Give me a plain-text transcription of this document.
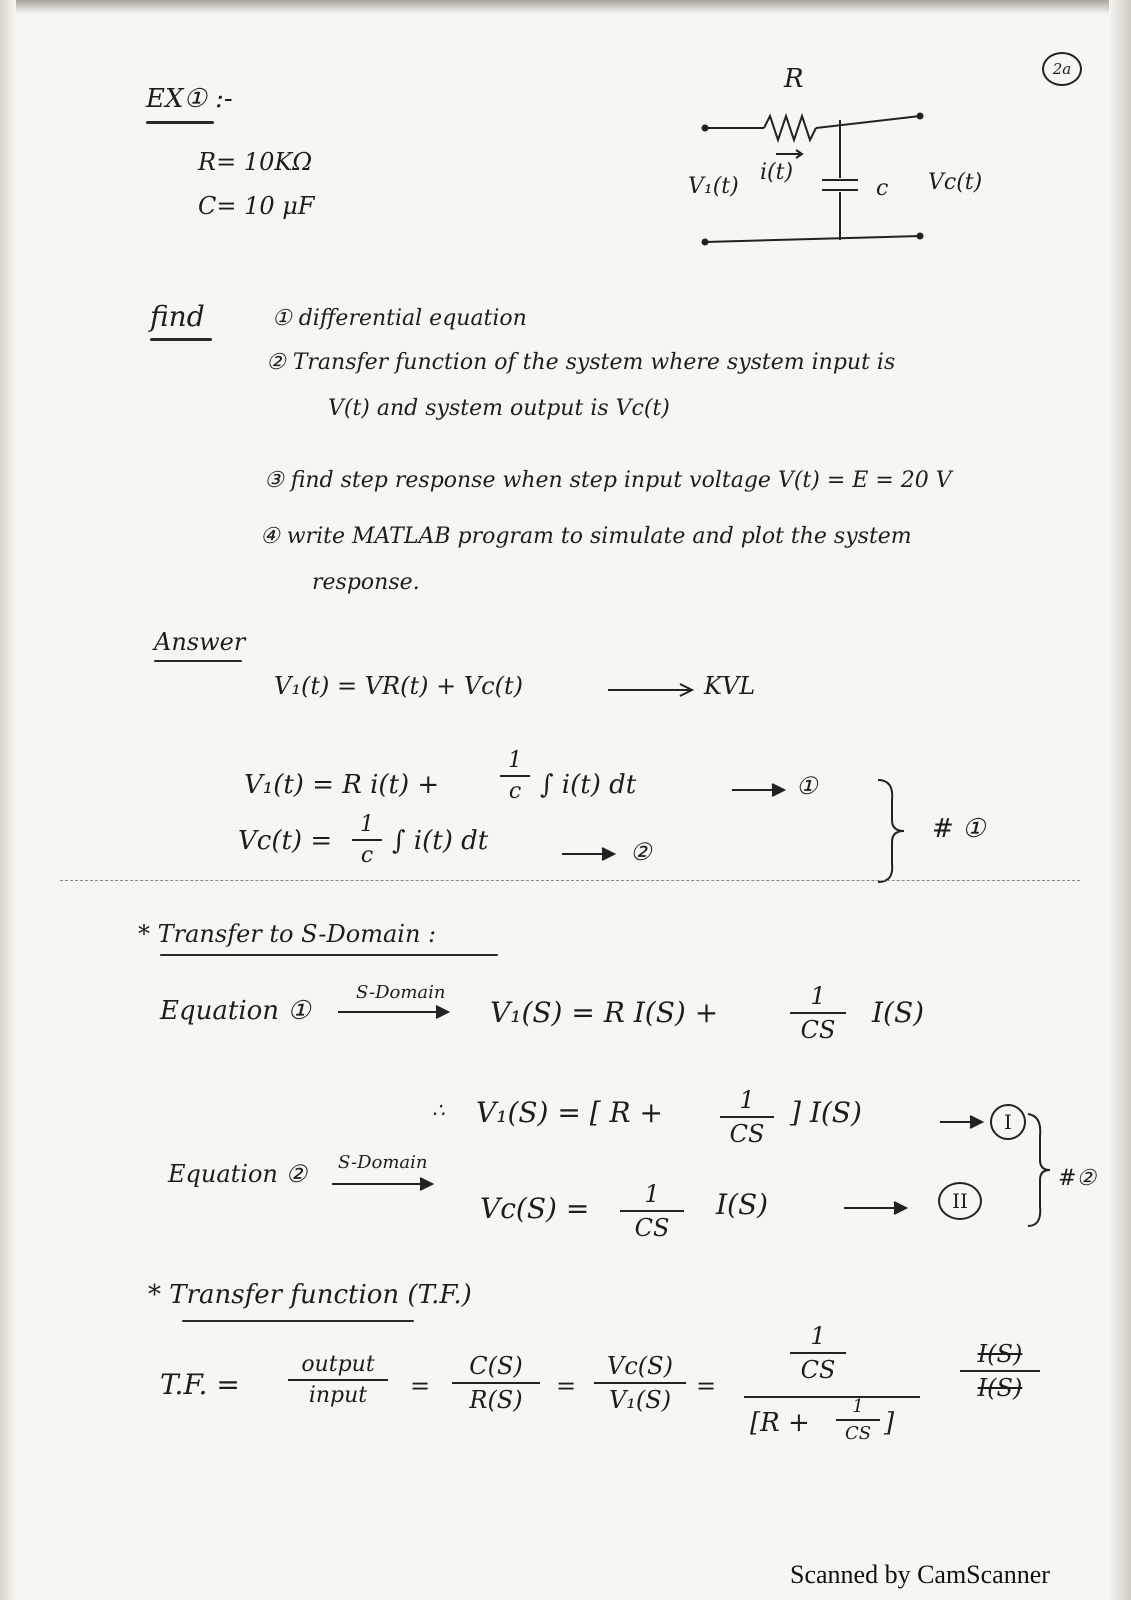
2a
EX① :-
R= 10KΩ
C= 10 μF
R
V₁(t)
i(t)
c Vc(t)
find	① differential equation
② Transfer function of the system where system input is
V(t) and system output is Vc(t)
③ find step response when step input voltage V(t) = E = 20 V
④ write MATLAB program to simulate and plot the system
response.
Answer
V₁(t) = VR(t) + Vc(t)	KVL
V₁(t) = R i(t) +
1
c ∫ i(t) dt	①
Vc(t) =
1
c ∫ i(t) dt	②
# ①
* Transfer to S-Domain :
Equation ①
S-Domain
V₁(S) = R I(S) +	1
CS
I(S)
∴ V₁(S) = [ R +	1
CS
] I(S)	I
Equation ② S-Domain
Vc(S) =	1
CS
I(S)	II
#②
* Transfer function (T.F.)
T.F. =
output
input	=
C(S)
R(S)	=
Vc(S)
V₁(S)	=
1
CS
[R +
1
CS ]
I(S)
I(S)
Scanned by CamScanner
